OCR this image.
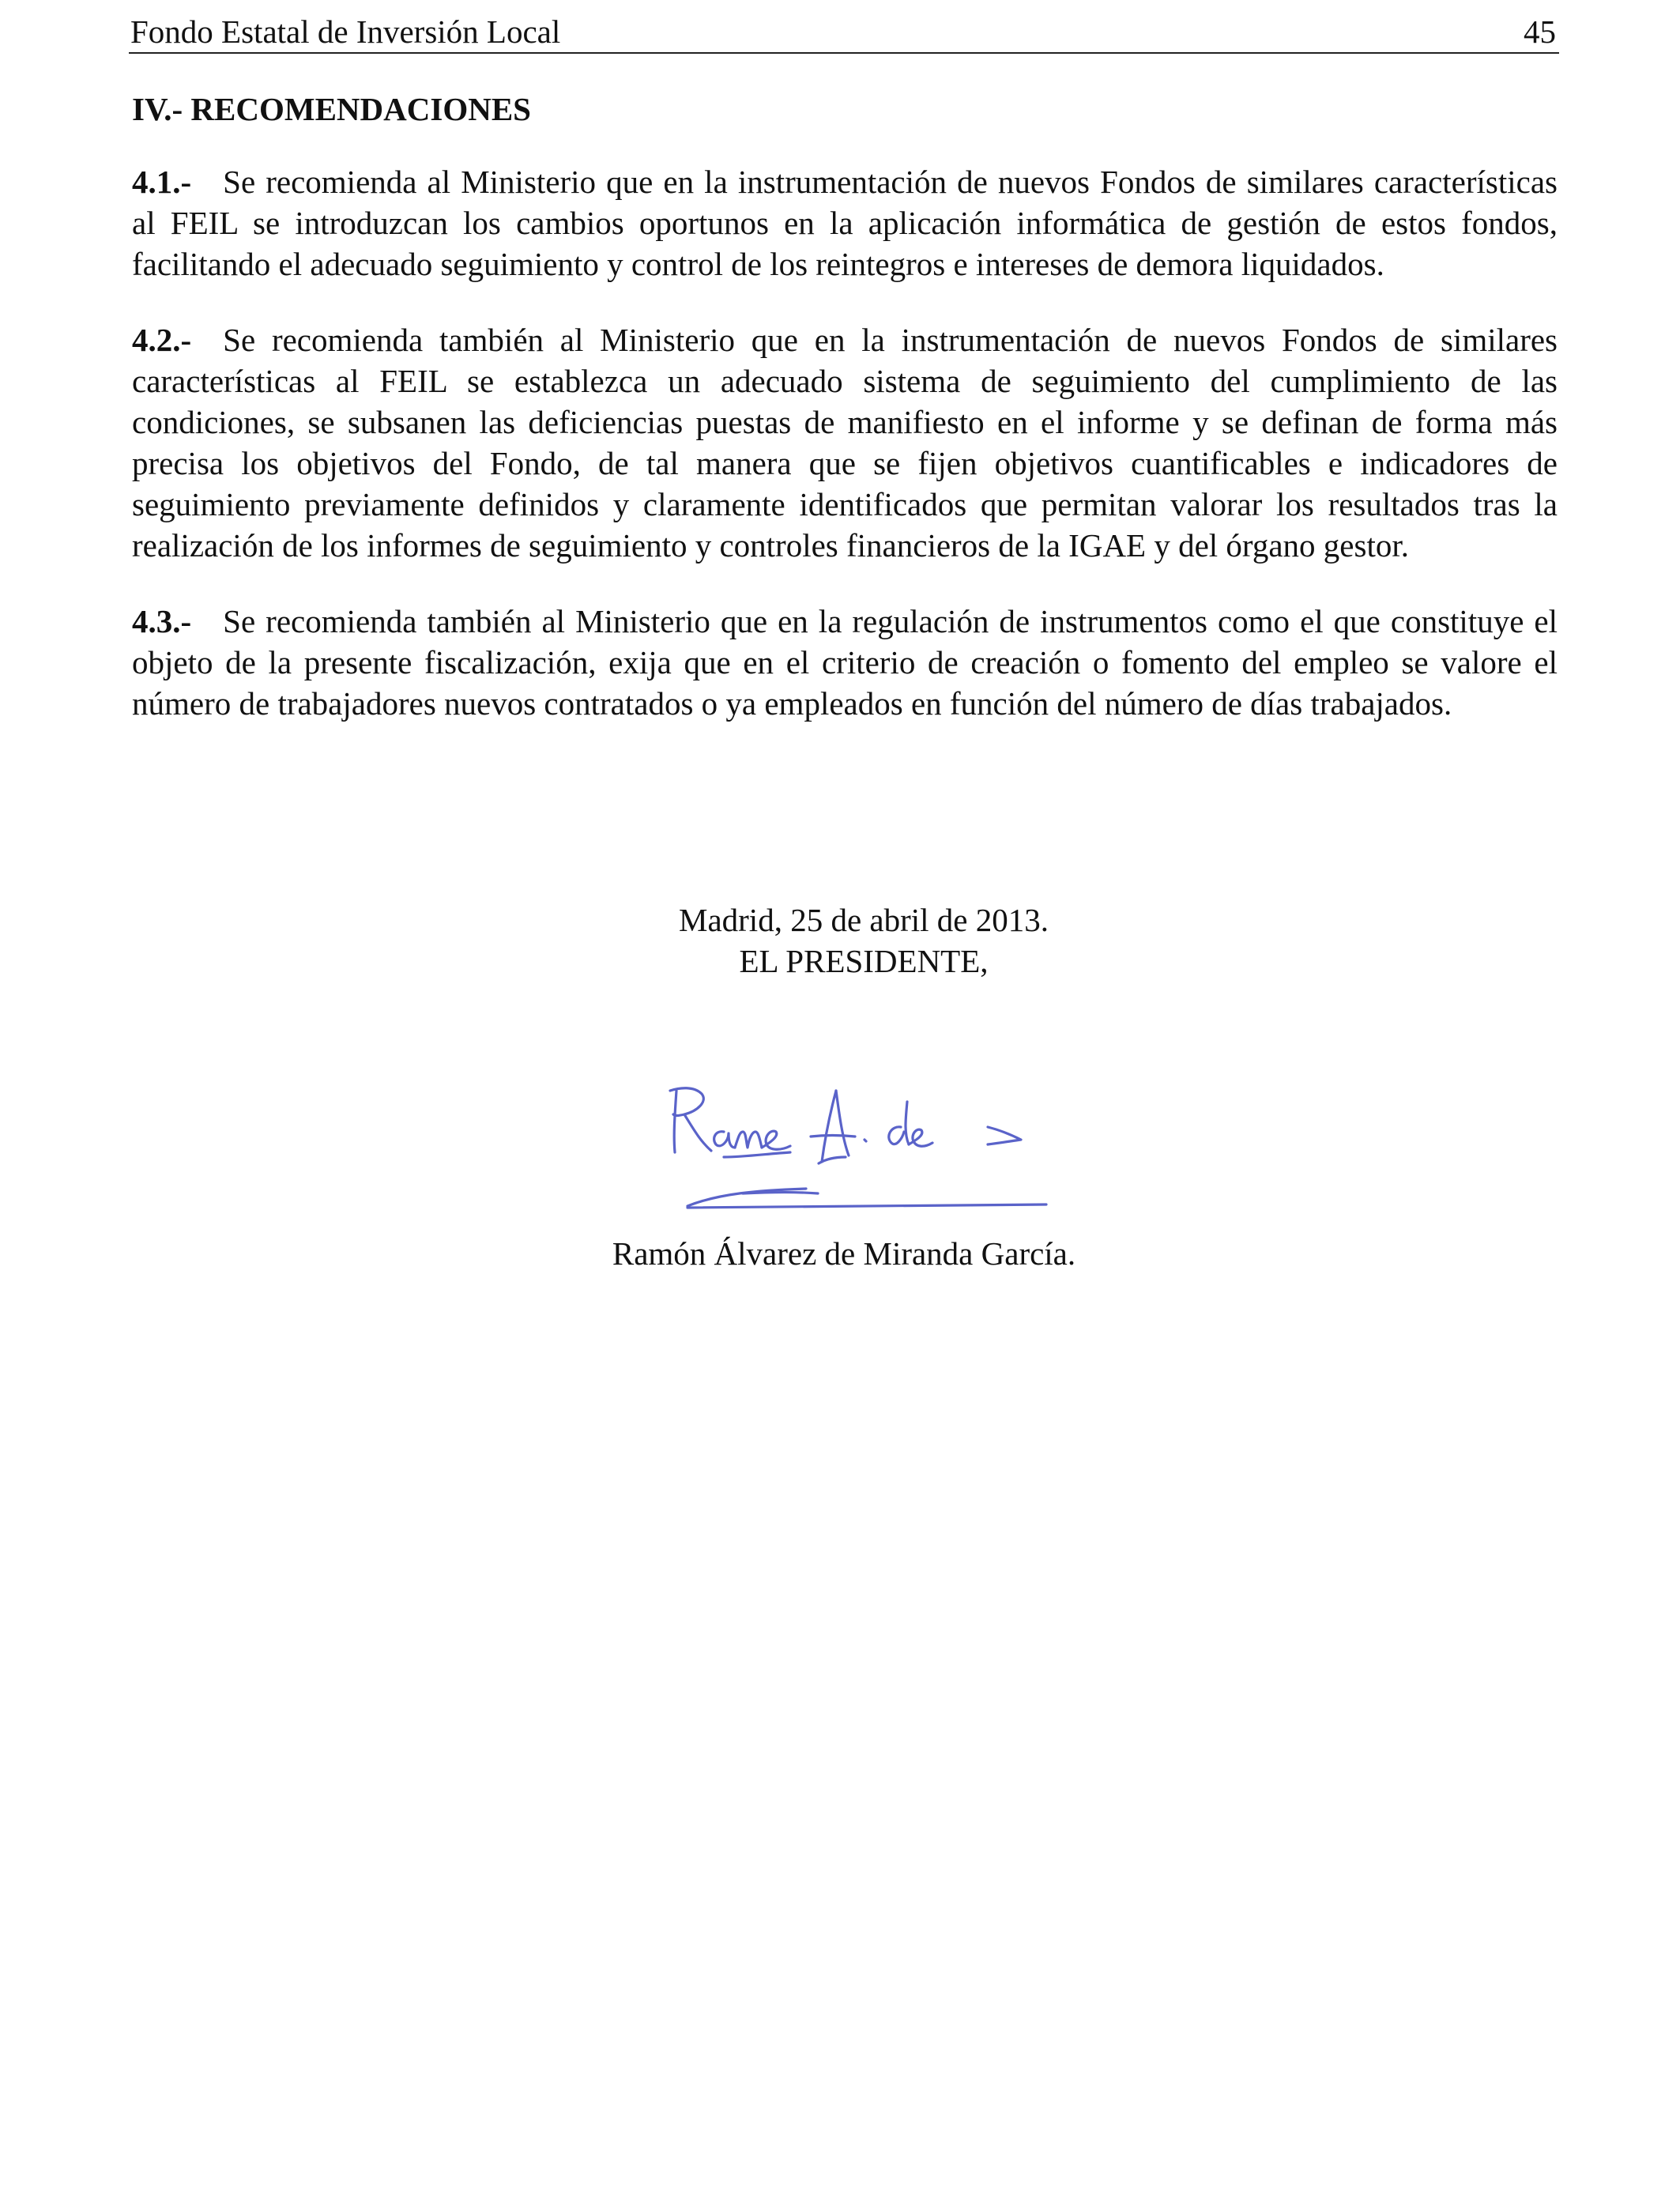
Fondo Estatal de Inversión Local	45
IV.- RECOMENDACIONES

4.1.- Se recomienda al Ministerio que en la instrumentación de nuevos Fondos de similares características al FEIL se introduzcan los cambios oportunos en la aplicación informática de gestión de estos fondos, facilitando el adecuado seguimiento y control de los reintegros e intereses de demora liquidados.

4.2.- Se recomienda también al Ministerio que en la instrumentación de nuevos Fondos de similares características al FEIL se establezca un adecuado sistema de seguimiento del cumplimiento de las condiciones, se subsanen las deficiencias puestas de manifiesto en el informe y se definan de forma más precisa los objetivos del Fondo, de tal manera que se fijen objetivos cuantificables e indicadores de seguimiento previamente definidos y claramente identificados que permitan valorar los resultados tras la realización de los informes de seguimiento y controles financieros de la IGAE y del órgano gestor.

4.3.- Se recomienda también al Ministerio que en la regulación de instrumentos como el que constituye el objeto de la presente fiscalización, exija que en el criterio de creación o fomento del empleo se valore el número de trabajadores nuevos contratados o ya empleados en función del número de días trabajados.

Madrid, 25 de abril de 2013.
EL PRESIDENTE,
Ramón Álvarez de Miranda García.
